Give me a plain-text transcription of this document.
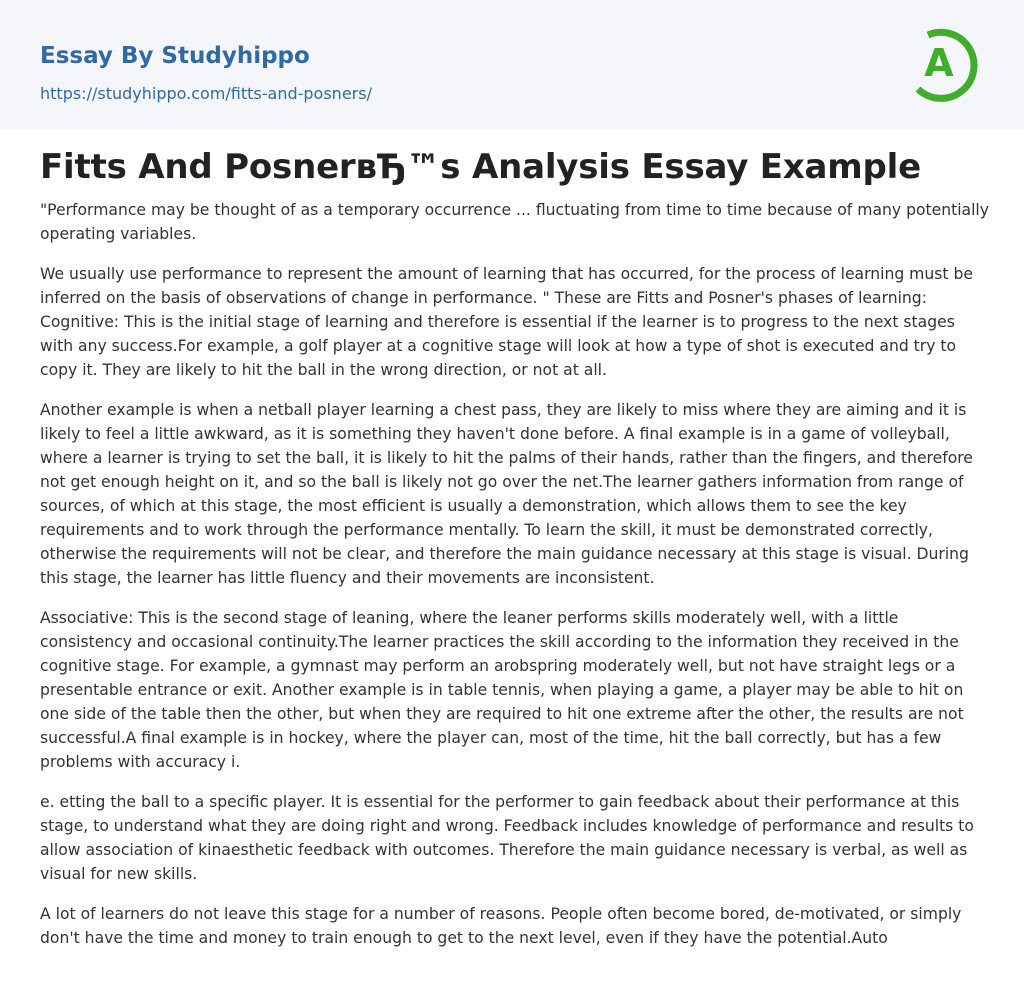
Essay By Studyhippo
https://studyhippo.com/fitts-and-posners/
A
Fitts And PosnerвЂ™s Analysis Essay Example

"Performance may be thought of as a temporary occurrence ... fluctuating from time to time because of many potentially operating variables.

We usually use performance to represent the amount of learning that has occurred, for the process of learning must be inferred on the basis of observations of change in performance. " These are Fitts and Posner's phases of learning: Cognitive: This is the initial stage of learning and therefore is essential if the learner is to progress to the next stages with any success.For example, a golf player at a cognitive stage will look at how a type of shot is executed and try to copy it. They are likely to hit the ball in the wrong direction, or not at all.

Another example is when a netball player learning a chest pass, they are likely to miss where they are aiming and it is likely to feel a little awkward, as it is something they haven't done before. A final example is in a game of volleyball, where a learner is trying to set the ball, it is likely to hit the palms of their hands, rather than the fingers, and therefore not get enough height on it, and so the ball is likely not go over the net.The learner gathers information from range of sources, of which at this stage, the most efficient is usually a demonstration, which allows them to see the key requirements and to work through the performance mentally. To learn the skill, it must be demonstrated correctly, otherwise the requirements will not be clear, and therefore the main guidance necessary at this stage is visual. During this stage, the learner has little fluency and their movements are inconsistent.

Associative: This is the second stage of leaning, where the leaner performs skills moderately well, with a little consistency and occasional continuity.The learner practices the skill according to the information they received in the cognitive stage. For example, a gymnast may perform an arobspring moderately well, but not have straight legs or a presentable entrance or exit. Another example is in table tennis, when playing a game, a player may be able to hit on one side of the table then the other, but when they are required to hit one extreme after the other, the results are not successful.A final example is in hockey, where the player can, most of the time, hit the ball correctly, but has a few problems with accuracy i.

e. etting the ball to a specific player. It is essential for the performer to gain feedback about their performance at this stage, to understand what they are doing right and wrong. Feedback includes knowledge of performance and results to allow association of kinaesthetic feedback with outcomes. Therefore the main guidance necessary is verbal, as well as visual for new skills.

A lot of learners do not leave this stage for a number of reasons. People often become bored, de-motivated, or simply don't have the time and money to train enough to get to the next level, even if they have the potential.Auto
